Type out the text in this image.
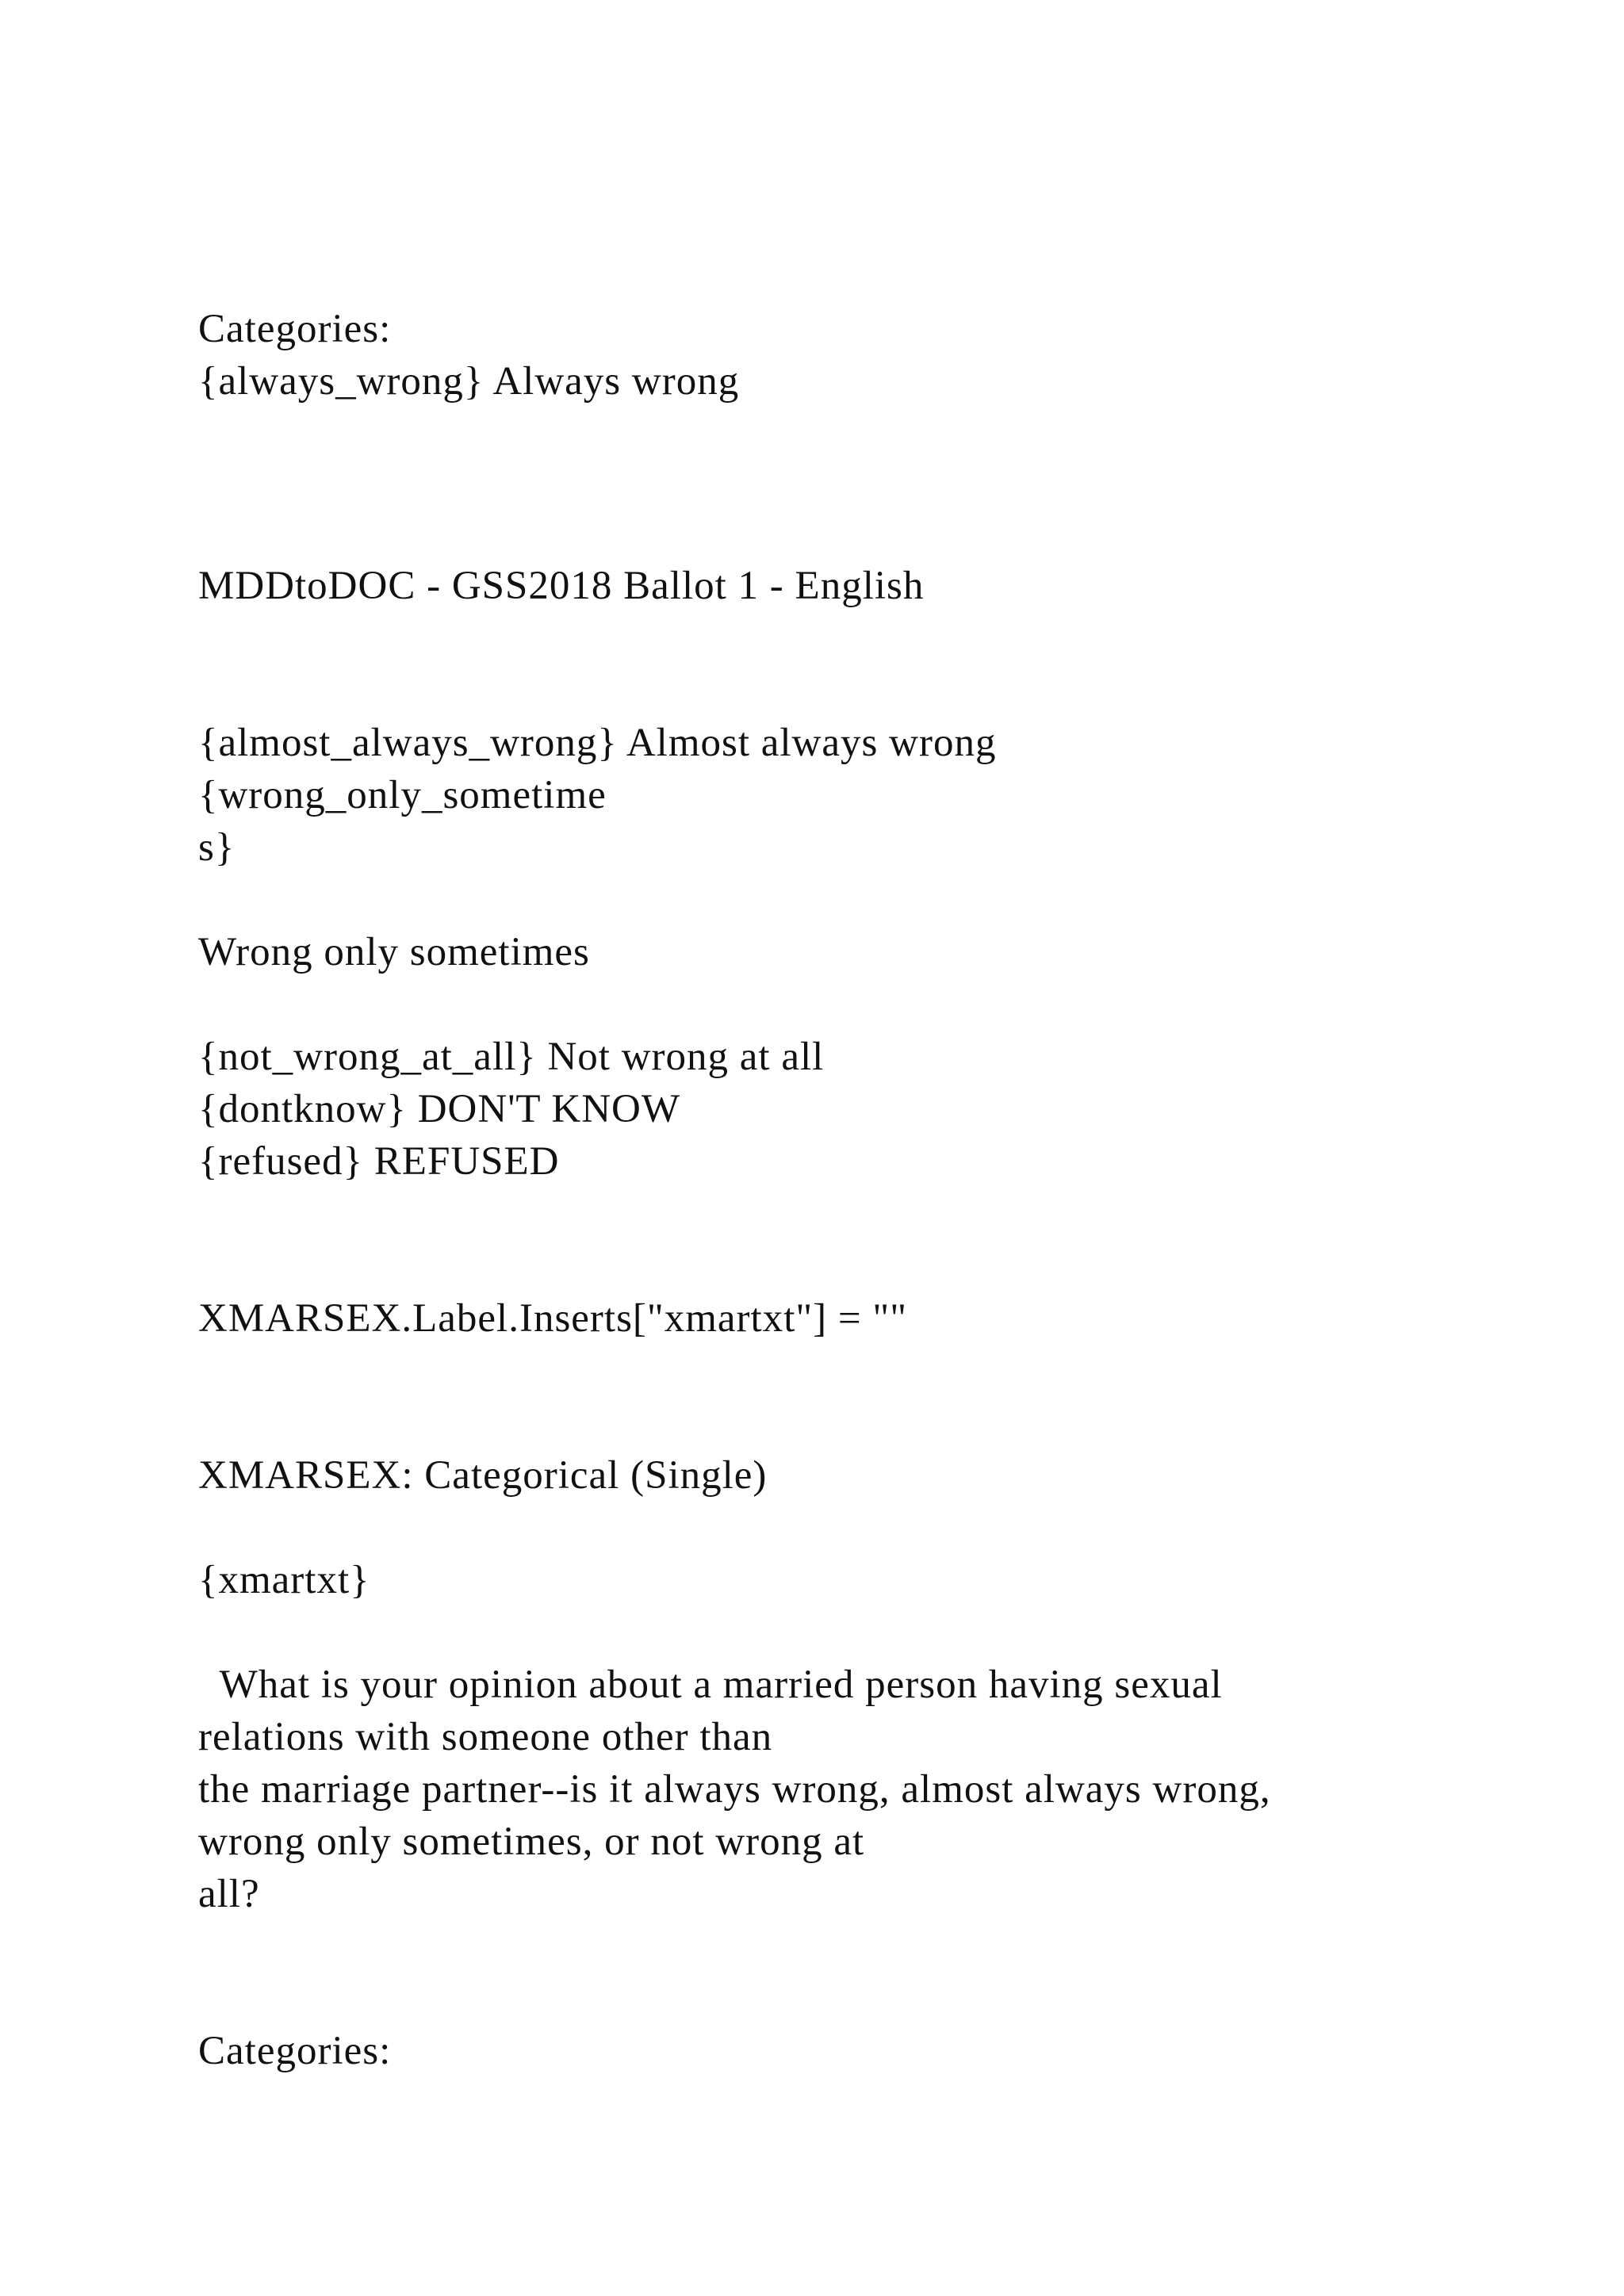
Categories:

{always_wrong} Always wrong

MDDtoDOC - GSS2018 Ballot 1 - English

{almost_always_wrong} Almost always wrong

{wrong_only_sometime

s}

Wrong only sometimes

{not_wrong_at_all} Not wrong at all

{dontknow} DON'T KNOW

{refused} REFUSED

XMARSEX.Label.Inserts["xmartxt"] = ""

XMARSEX: Categorical (Single)

{xmartxt}

What is your opinion about a married person having sexual

relations with someone other than

the marriage partner--is it always wrong, almost always wrong,

wrong only sometimes, or not wrong at

all?

Categories:
